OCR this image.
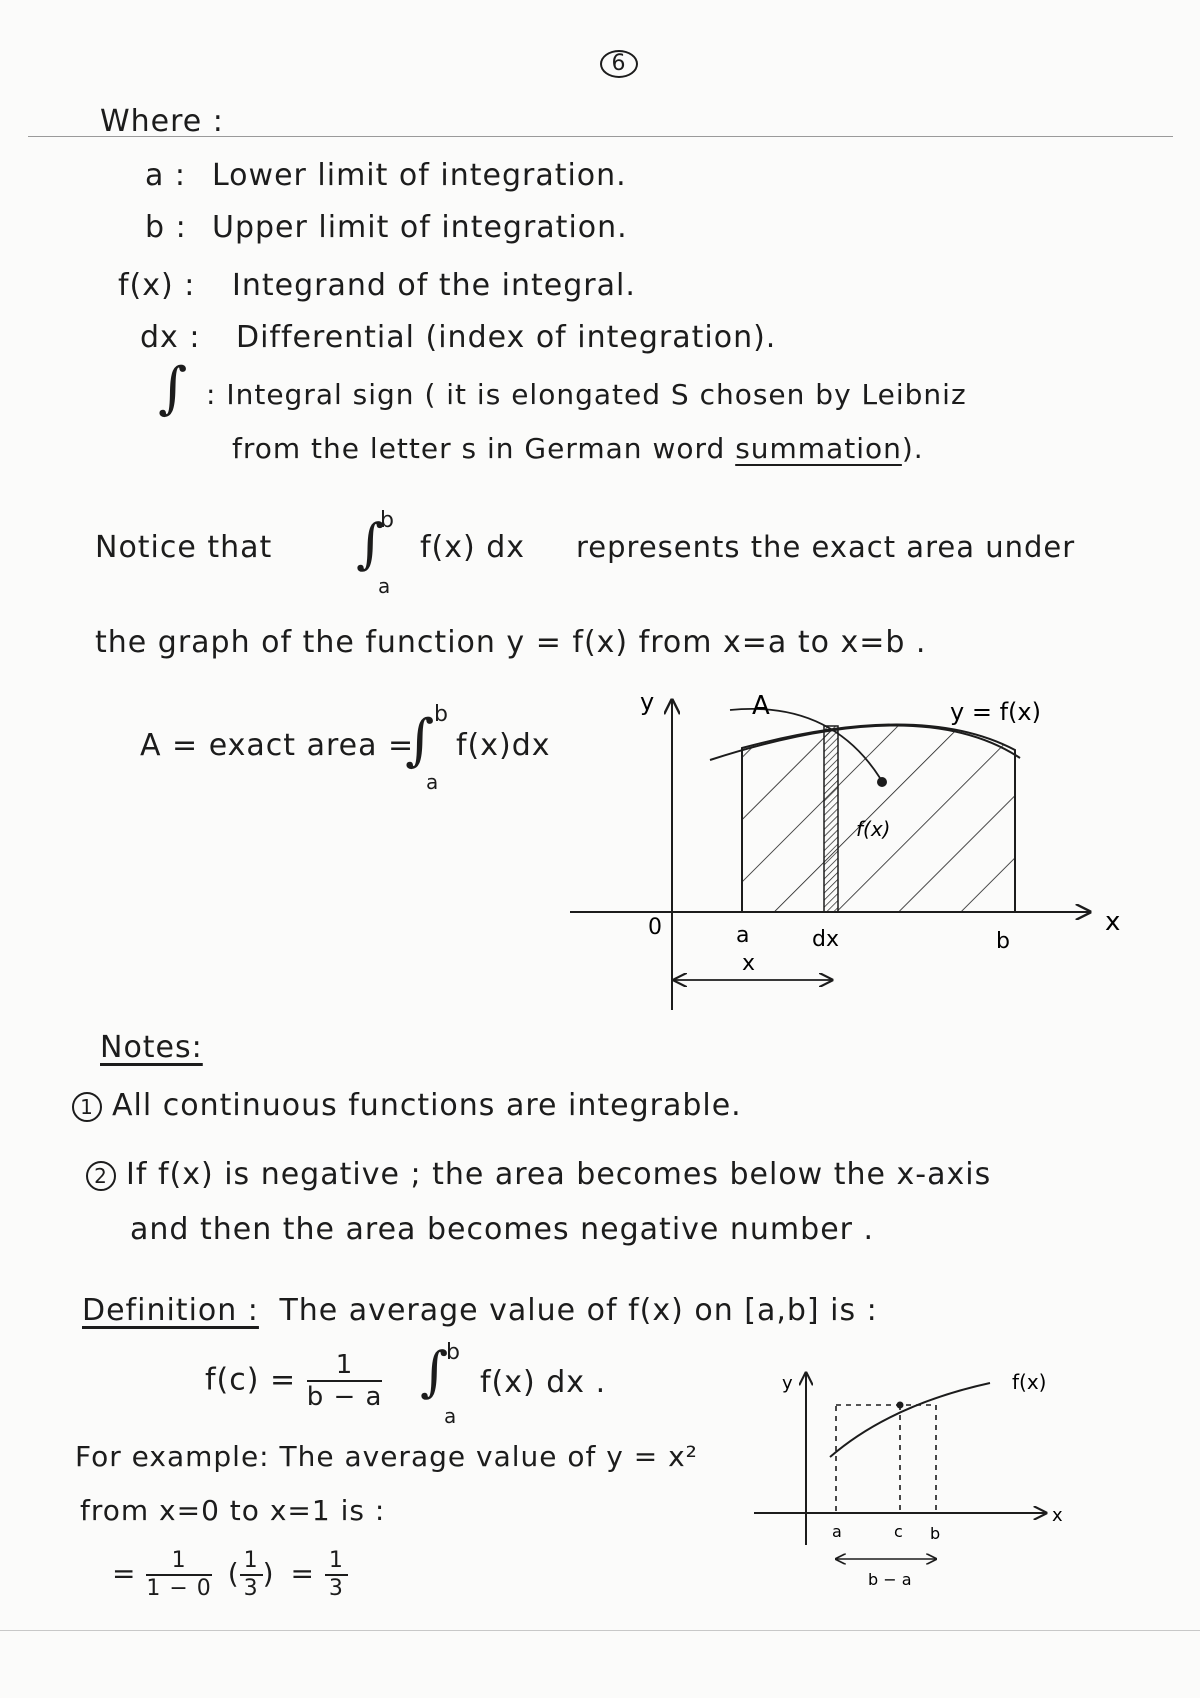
6
Where :
a : Lower limit of integration.
b : Upper limit of integration.
f(x) : Integrand of the integral.
dx : Differential (index of integration).
∫ : Integral sign ( it is elongated S chosen by Leibniz
from the letter s in German word summation).
Notice that ∫
b
a
f(x) dx represents the exact area under
the graph of the function y = f(x) from x=a to x=b .
A = exact area =
∫
b
a
f(x)dx
y	A	y = f(x)
f(x)
0	a	dx	b
x
x
Notes:
1 All continuous functions are integrable.
2 If f(x) is negative ; the area becomes below the x-axis
and then the area becomes negative number .
Definition : The average value of f(x) on [a,b] is :
$f(c) = \frac{1}{b - a}$ ∫
b
a
f(x) dx .
For example: The average value of y = x²
from x=0 to x=1 is :
= $\frac{1}{1 - 0}$ ( $\frac{1}{3}$ ) = $\frac{1}{3}$
y	f(x)
a	c b
x
b − a
